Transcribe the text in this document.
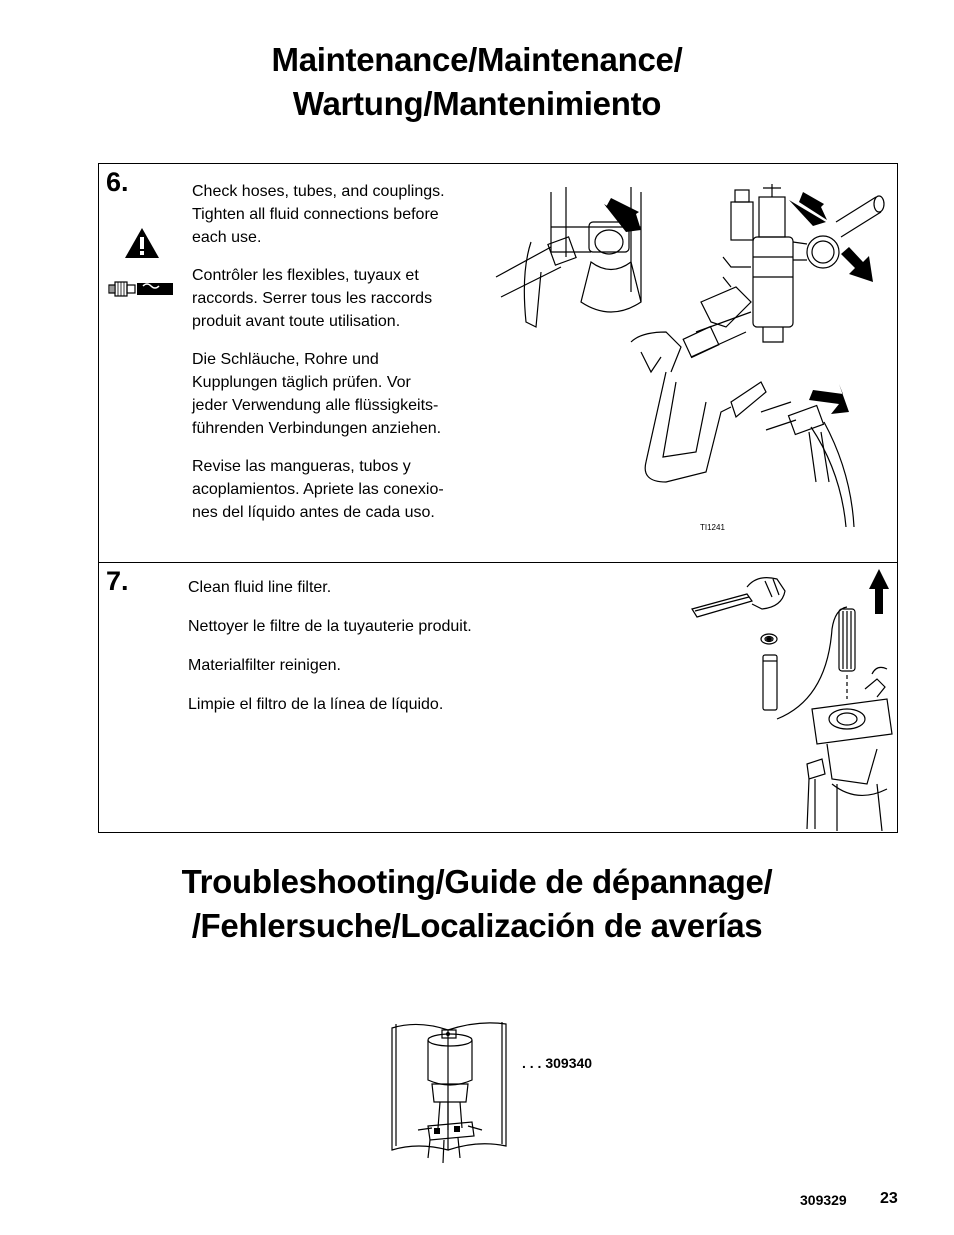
Maintenance/Maintenance/
Wartung/Mantenimiento
6.	Check hoses, tubes, and couplings.
Tighten all fluid connections before
each use.
Contrôler les flexibles, tuyaux et
raccords. Serrer tous les raccords
produit avant toute utilisation.
Die Schläuche, Rohre und
Kupplungen täglich prüfen. Vor
jeder Verwendung alle flüssigkeits-
führenden Verbindungen anziehen.
Revise las mangueras, tubos y
acoplamientos. Apriete las conexio-
nes del líquido antes de cada uso.
TI1241
7.	Clean fluid line filter.
Nettoyer le filtre de la tuyauterie produit.
Materialfilter reinigen.
Limpie el filtro de la línea de líquido.
Troubleshooting/Guide de dépannage/
/Fehlersuche/Localización de averías
. . . 309340
309329 23
